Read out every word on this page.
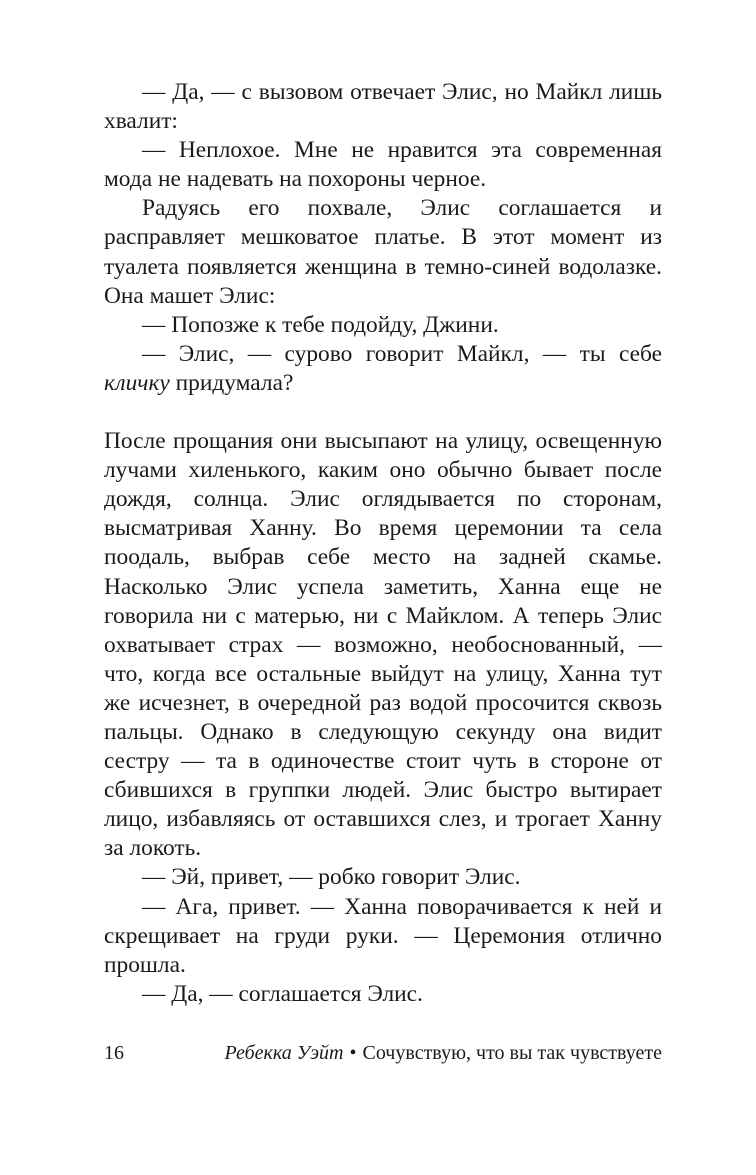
— Да, — с вызовом отвечает Элис, но Майкл лишь хвалит:

— Неплохое. Мне не нравится эта современная мода не надевать на похороны черное.

Радуясь его похвале, Элис соглашается и расправляет мешковатое платье. В этот момент из туалета появляется женщина в темно-синей водолазке. Она машет Элис:

— Попозже к тебе подойду, Джини.

— Элис, — сурово говорит Майкл, — ты себе кличку придумала?

После прощания они высыпают на улицу, освещенную лучами хиленького, каким оно обычно бывает после дождя, солнца. Элис оглядывается по сторонам, высматривая Ханну. Во время церемонии та села поодаль, выбрав себе место на задней скамье. Насколько Элис успела заметить, Ханна еще не говорила ни с матерью, ни с Майклом. А теперь Элис охватывает страх — возможно, необоснованный, — что, когда все остальные выйдут на улицу, Ханна тут же исчезнет, в очередной раз водой просочится сквозь пальцы. Однако в следующую секунду она видит сестру — та в одиночестве стоит чуть в стороне от сбившихся в группки людей. Элис быстро вытирает лицо, избавляясь от оставшихся слез, и трогает Ханну за локоть.

— Эй, привет, — робко говорит Элис.

— Ага, привет. — Ханна поворачивается к ней и скрещивает на груди руки. — Церемония отлично прошла.

— Да, — соглашается Элис.

16	Ребекка Уэйт • Сочувствую, что вы так чувствуете
